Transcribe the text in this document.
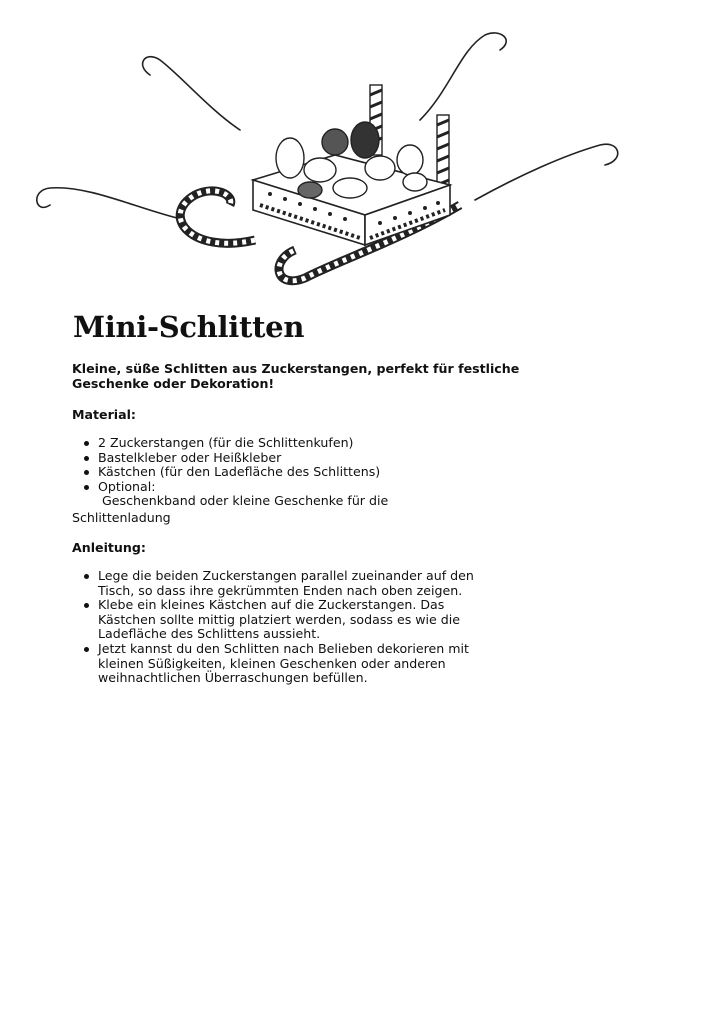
Mini-Schlitten

Kleine, süße Schlitten aus Zuckerstangen, perfekt für festliche Geschenke oder Dekoration!

Material:
2 Zuckerstangen (für die Schlittenkufen)
Bastelkleber oder Heißkleber
Kästchen (für den Ladefläche des Schlittens)
Optional:
Geschenkband oder kleine Geschenke für die

Schlittenladung

Anleitung:
Lege die beiden Zuckerstangen parallel zueinander auf den Tisch, so dass ihre gekrümmten Enden nach oben zeigen.
Klebe ein kleines Kästchen auf die Zuckerstangen. Das Kästchen sollte mittig platziert werden, sodass es wie die Ladefläche des Schlittens aussieht.
Jetzt kannst du den Schlitten nach Belieben dekorieren mit kleinen Süßigkeiten, kleinen Geschenken oder anderen weihnachtlichen Überraschungen befüllen.
